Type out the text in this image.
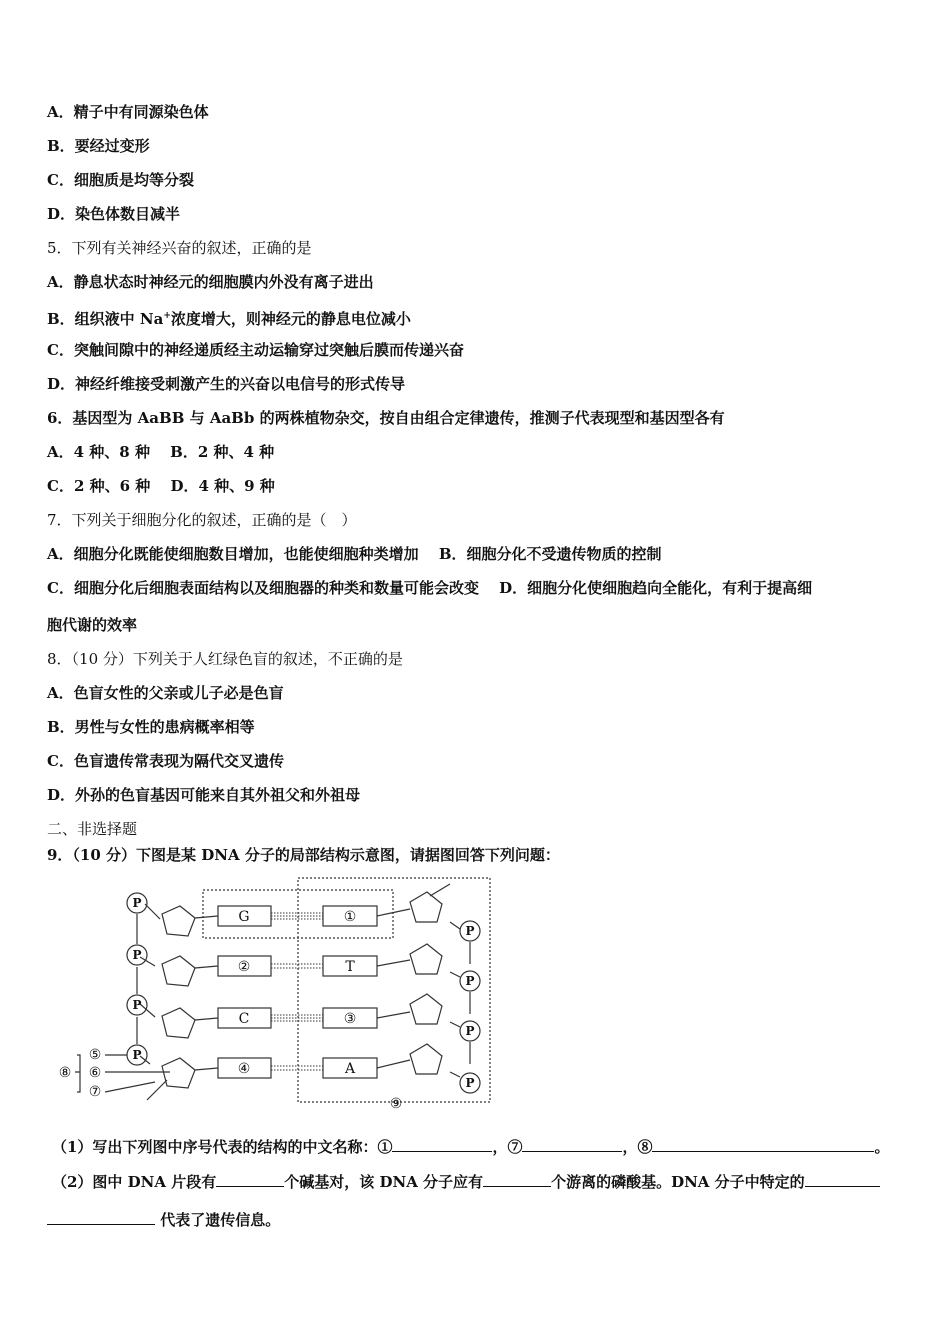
A．精子中有同源染色体
B．要经过变形
C．细胞质是均等分裂
D．染色体数目减半
5．下列有关神经兴奋的叙述，正确的是
A．静息状态时神经元的细胞膜内外没有离子进出
B．组织液中 Na+浓度增大，则神经元的静息电位减小
C．突触间隙中的神经递质经主动运输穿过突触后膜而传递兴奋
D．神经纤维接受刺激产生的兴奋以电信号的形式传导
6．基因型为 AaBB 与 AaBb 的两株植物杂交，按自由组合定律遗传，推测子代表现型和基因型各有
A．4 种、8 种　 B．2 种、4 种
C．2 种、6 种　 D．4 种、9 种
7．下列关于细胞分化的叙述，正确的是（　）
A．细胞分化既能使细胞数目增加，也能使细胞种类增加　 B．细胞分化不受遗传物质的控制
C．细胞分化后细胞表面结构以及细胞器的种类和数量可能会改变　 D．细胞分化使细胞趋向全能化，有利于提高细
胞代谢的效率
8．（10 分）下列关于人红绿色盲的叙述，不正确的是
A．色盲女性的父亲或儿子必是色盲
B．男性与女性的患病概率相等
C．色盲遗传常表现为隔代交叉遗传
D．外孙的色盲基因可能来自其外祖父和外祖母
二、非选择题
9．（10 分）下图是某 DNA 分子的局部结构示意图，请据图回答下列问题：
P
P
P
P
P
P
P
P
G
②
C
④
①
T
③
A
⑤
⑥
⑦
⑧
⑨
（1）写出下列图中序号代表的结构的中文名称：①	，⑦	，⑧	。
（2）图中 DNA 片段有	个碱基对，该 DNA 分子应有	个游离的磷酸基。DNA 分子中特定的
代表了遗传信息。
